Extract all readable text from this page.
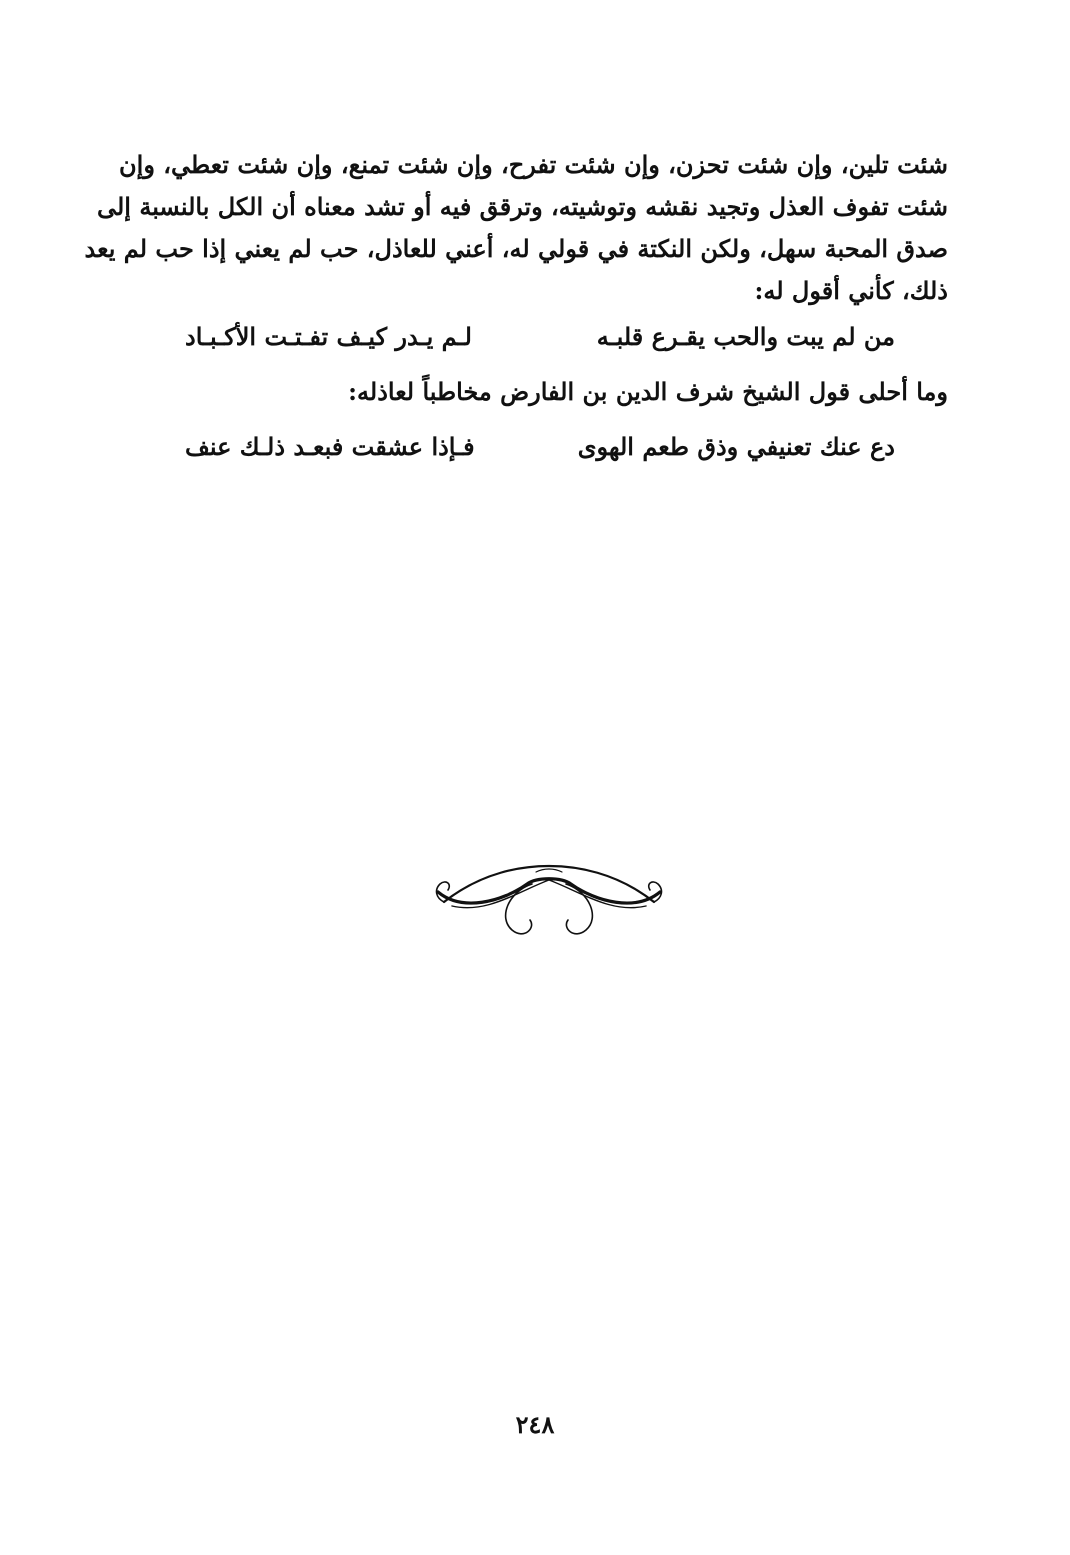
شئت تلين، وإن شئت تحزن، وإن شئت تفرح، وإن شئت تمنع، وإن شئت تعطي، وإن
شئت تفوف العذل وتجيد نقشه وتوشيته، وترقق فيه أو تشد معناه أن الكل بالنسبة إلى
صدق المحبة سهل، ولكن النكتة في قولي له، أعني للعاذل، حب لم يعني إذا حب لم يعد
ذلك، كأني أقول له:
من لم يبت والحب يقـرع قلبـه
لـم يـدر كيـف تفـتـت الأكـبـاد
وما أحلى قول الشيخ شرف الدين بن الفارض مخاطباً لعاذله:
دع عنك تعنيفي وذق طعم الهوى
فـإذا عشقت فبعـد ذلـك عنف
٢٤٨
